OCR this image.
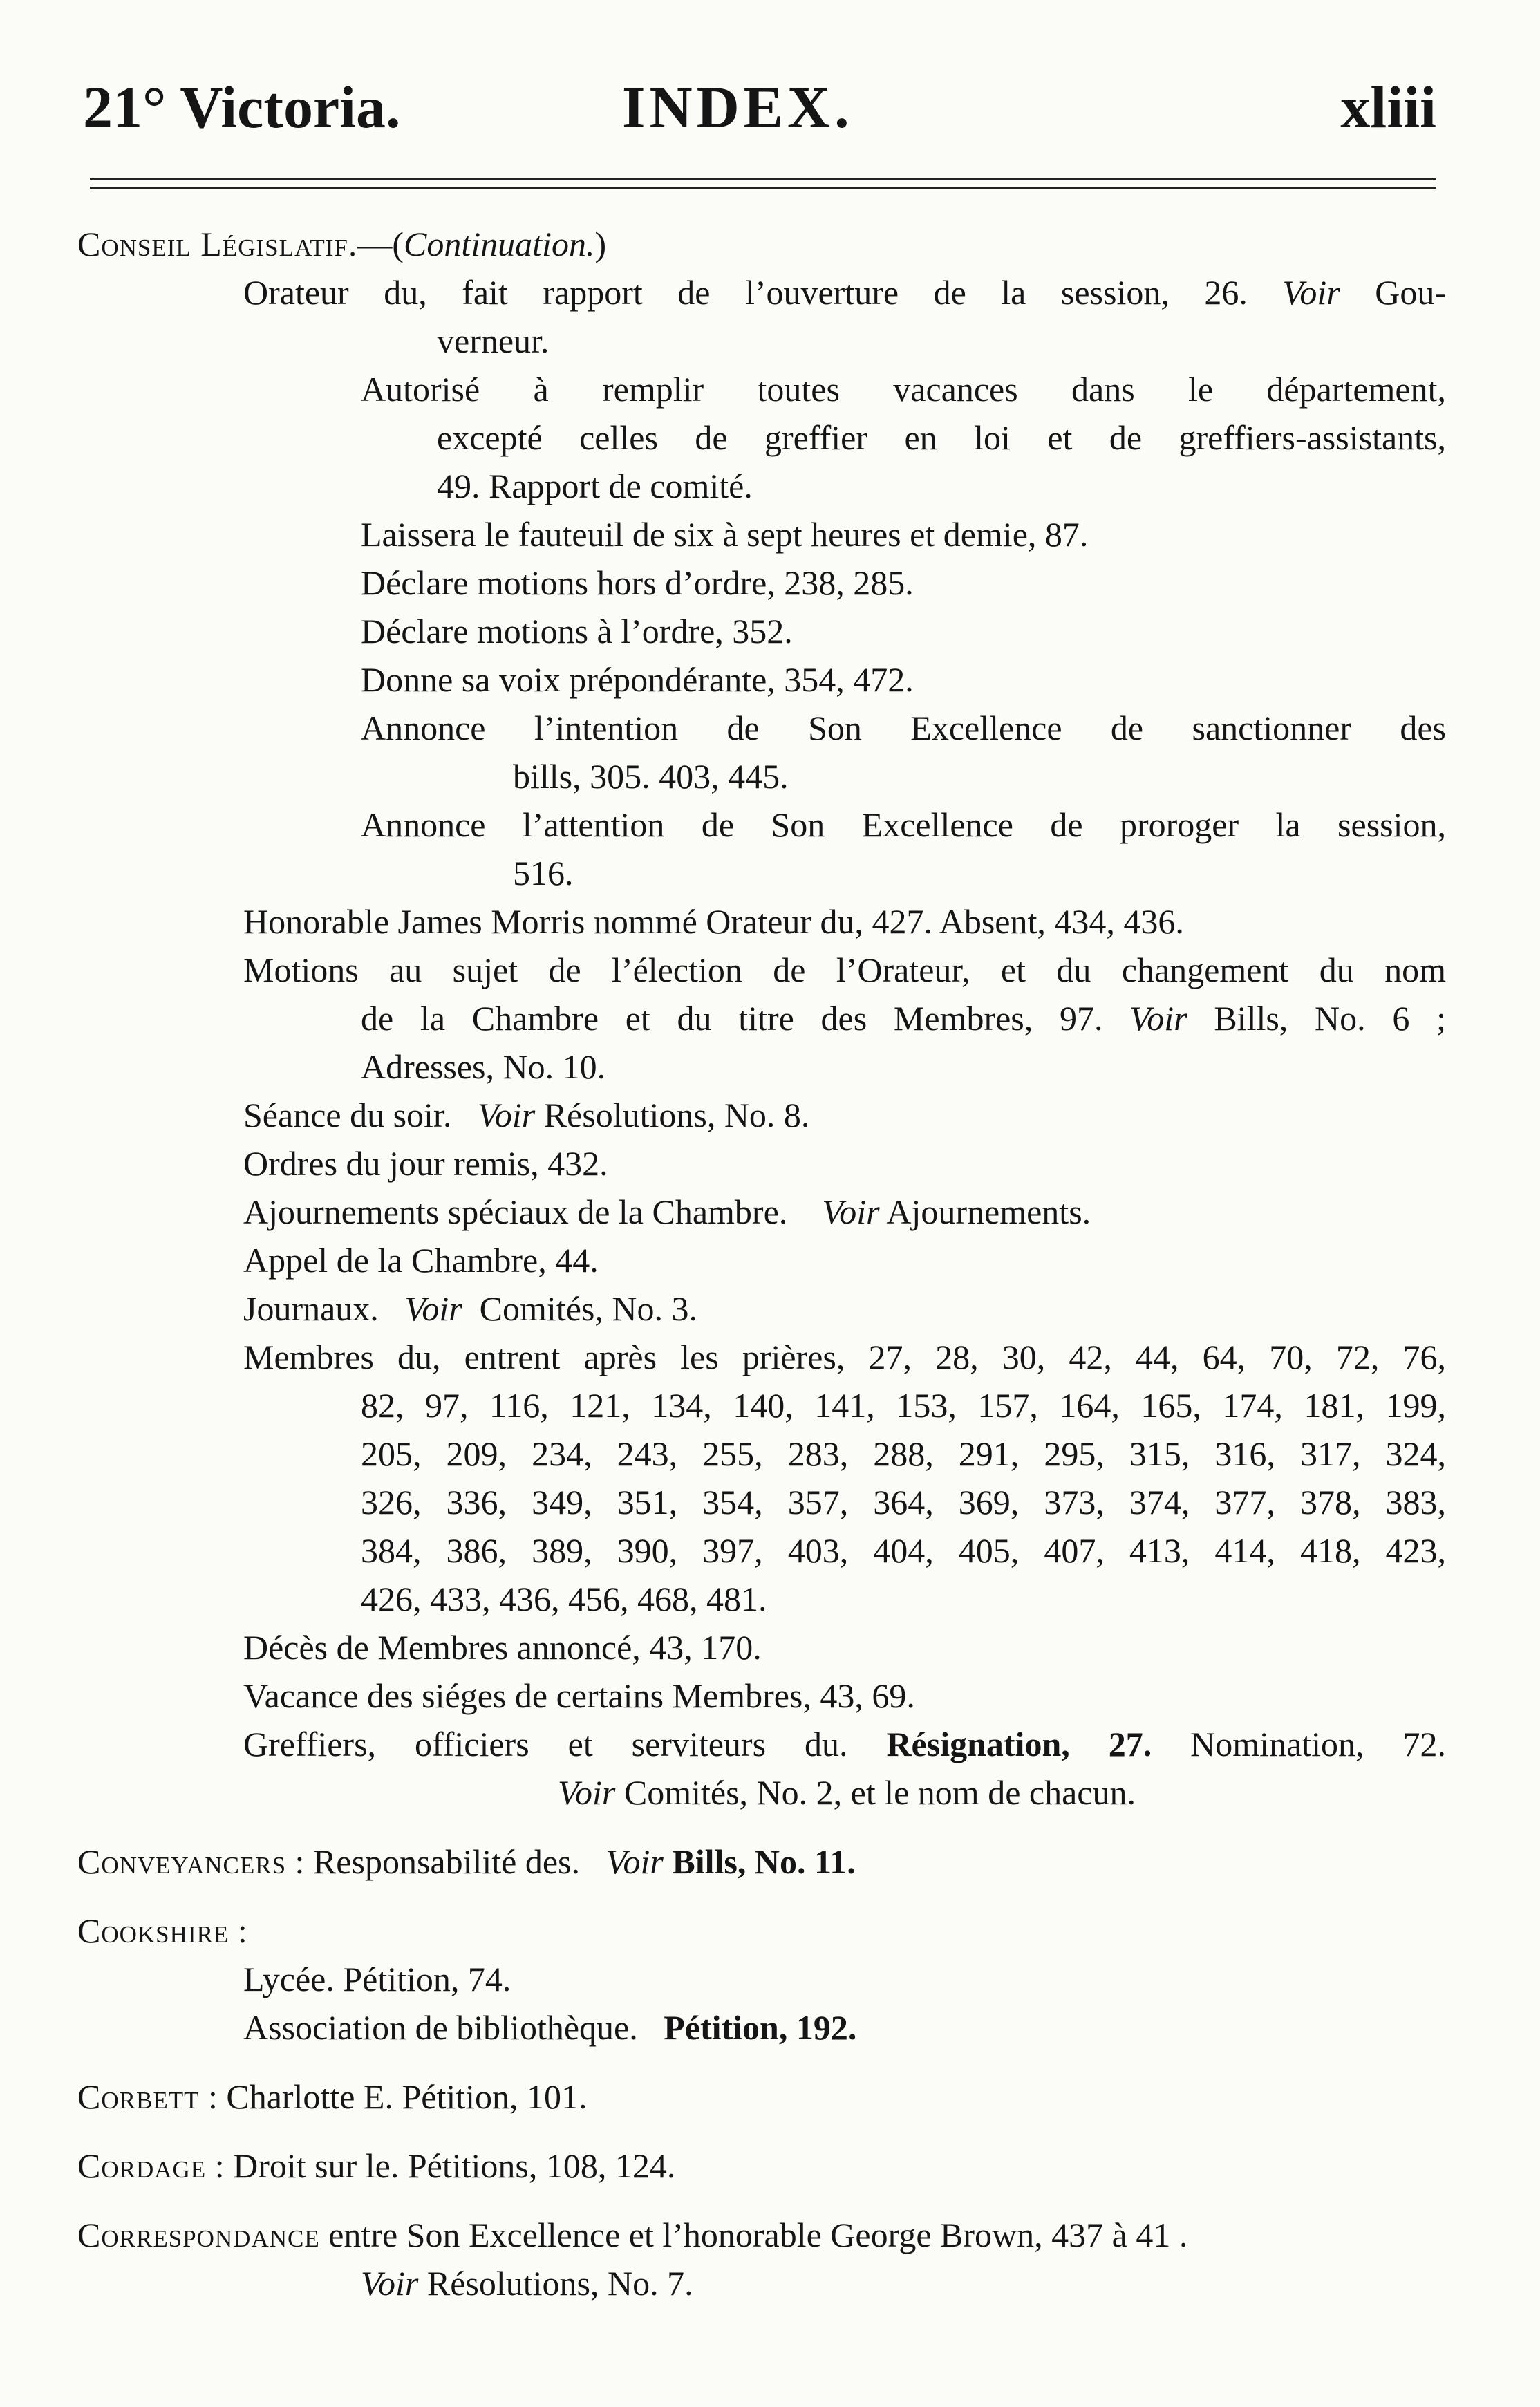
21° Victoria.	INDEX.	xliii
Conseil Législatif.—(Continuation.)
Orateur du, fait rapport de l’ouverture de la session, 26. Voir Gou-
verneur.
Autorisé à remplir toutes vacances dans le département,
excepté celles de greffier en loi et de greffiers-assistants,
49. Rapport de comité.
Laissera le fauteuil de six à sept heures et demie, 87.
Déclare motions hors d’ordre, 238, 285.
Déclare motions à l’ordre, 352.
Donne sa voix prépondérante, 354, 472.
Annonce l’intention de Son Excellence de sanctionner des
bills, 305. 403, 445.
Annonce l’attention de Son Excellence de proroger la session,
516.
Honorable James Morris nommé Orateur du, 427. Absent, 434, 436.
Motions au sujet de l’élection de l’Orateur, et du changement du nom
de la Chambre et du titre des Membres, 97. Voir Bills, No. 6 ;
Adresses, No. 10.
Séance du soir. Voir Résolutions, No. 8.
Ordres du jour remis, 432.
Ajournements spéciaux de la Chambre. Voir Ajournements.
Appel de la Chambre, 44.
Journaux. Voir Comités, No. 3.
Membres du, entrent après les prières, 27, 28, 30, 42, 44, 64, 70, 72, 76,
82, 97, 116, 121, 134, 140, 141, 153, 157, 164, 165, 174, 181, 199,
205, 209, 234, 243, 255, 283, 288, 291, 295, 315, 316, 317, 324,
326, 336, 349, 351, 354, 357, 364, 369, 373, 374, 377, 378, 383,
384, 386, 389, 390, 397, 403, 404, 405, 407, 413, 414, 418, 423,
426, 433, 436, 456, 468, 481.
Décès de Membres annoncé, 43, 170.
Vacance des siéges de certains Membres, 43, 69.
Greffiers, officiers et serviteurs du. Résignation, 27. Nomination, 72.
Voir Comités, No. 2, et le nom de chacun.
Conveyancers : Responsabilité des. Voir Bills, No. 11.
Cookshire :
Lycée. Pétition, 74.
Association de bibliothèque. Pétition, 192.
Corbett : Charlotte E. Pétition, 101.
Cordage : Droit sur le. Pétitions, 108, 124.
Correspondance entre Son Excellence et l’honorable George Brown, 437 à 41 .
Voir Résolutions, No. 7.
